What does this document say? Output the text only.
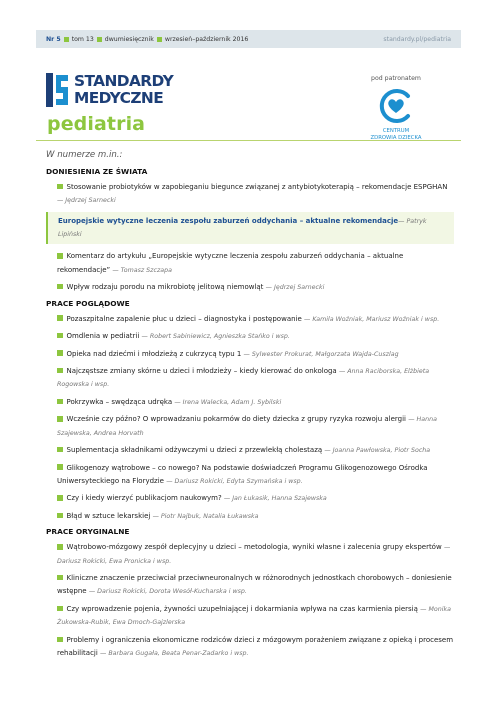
Nr 5 tom 13 dwumiesięcznik wrzesień–październik 2016	standardy.pl/pediatria
STANDARDY
MEDYCZNE
pediatria
pod patronatem
CENTRUM
ZDROWIA DZIECKA
W numerze m.in.:
DONIESIENIA ZE ŚWIATA
Stosowanie probiotyków w zapobieganiu biegunce związanej z antybiotykoterapią – rekomendacje ESPGHAN — Jędrzej Sarnecki
Europejskie wytyczne leczenia zespołu zaburzeń oddychania – aktualne rekomendacje— Patryk Lipiński
Komentarz do artykułu „Europejskie wytyczne leczenia zespołu zaburzeń oddychania – aktualne rekomendacje” — Tomasz Szczapa
Wpływ rodzaju porodu na mikrobiotę jelitową niemowląt — Jędrzej Sarnecki
PRACE POGLĄDOWE
Pozaszpitalne zapalenie płuc u dzieci – diagnostyka i postępowanie — Kamila Woźniak, Mariusz Woźniak i wsp.
Omdlenia w pediatrii — Robert Sabiniewicz, Agnieszka Stańko i wsp.
Opieka nad dziećmi i młodzieżą z cukrzycą typu 1 — Sylwester Prokurat, Małgorzata Wajda-Cuszlag
Najczęstsze zmiany skórne u dzieci i młodzieży – kiedy kierować do onkologa — Anna Raciborska, Elżbieta Rogowska i wsp.
Pokrzywka – swędząca udręka — Irena Walecka, Adam J. Sybilski
Wcześnie czy późno? O wprowadzaniu pokarmów do diety dziecka z grupy ryzyka rozwoju alergii — Hanna Szajewska, Andrea Horvath
Suplementacja składnikami odżywczymi u dzieci z przewlekłą cholestazą — Joanna Pawłowska, Piotr Socha
Glikogenozy wątrobowe – co nowego? Na podstawie doświadczeń Programu Glikogenozowego Ośrodka Uniwersyteckiego na Florydzie — Dariusz Rokicki, Edyta Szymańska i wsp.
Czy i kiedy wierzyć publikacjom naukowym? — Jan Łukasik, Hanna Szajewska
Błąd w sztuce lekarskiej — Piotr Najbuk, Natalia Łukawska
PRACE ORYGINALNE
Wątrobowo-mózgowy zespół deplecyjny u dzieci – metodologia, wyniki własne i zalecenia grupy ekspertów — Dariusz Rokicki, Ewa Pronicka i wsp.
Kliniczne znaczenie przeciwciał przeciwneuronalnych w różnorodnych jednostkach chorobowych – doniesienie wstępne — Dariusz Rokicki, Dorota Wesół-Kucharska i wsp.
Czy wprowadzenie pojenia, żywności uzupełniającej i dokarmiania wpływa na czas karmienia piersią — Monika Żukowska-Rubik, Ewa Dmoch-Gajzlerska
Problemy i ograniczenia ekonomiczne rodziców dzieci z mózgowym porażeniem związane z opieką i procesem rehabilitacji — Barbara Gugała, Beata Penar-Zadarko i wsp.
